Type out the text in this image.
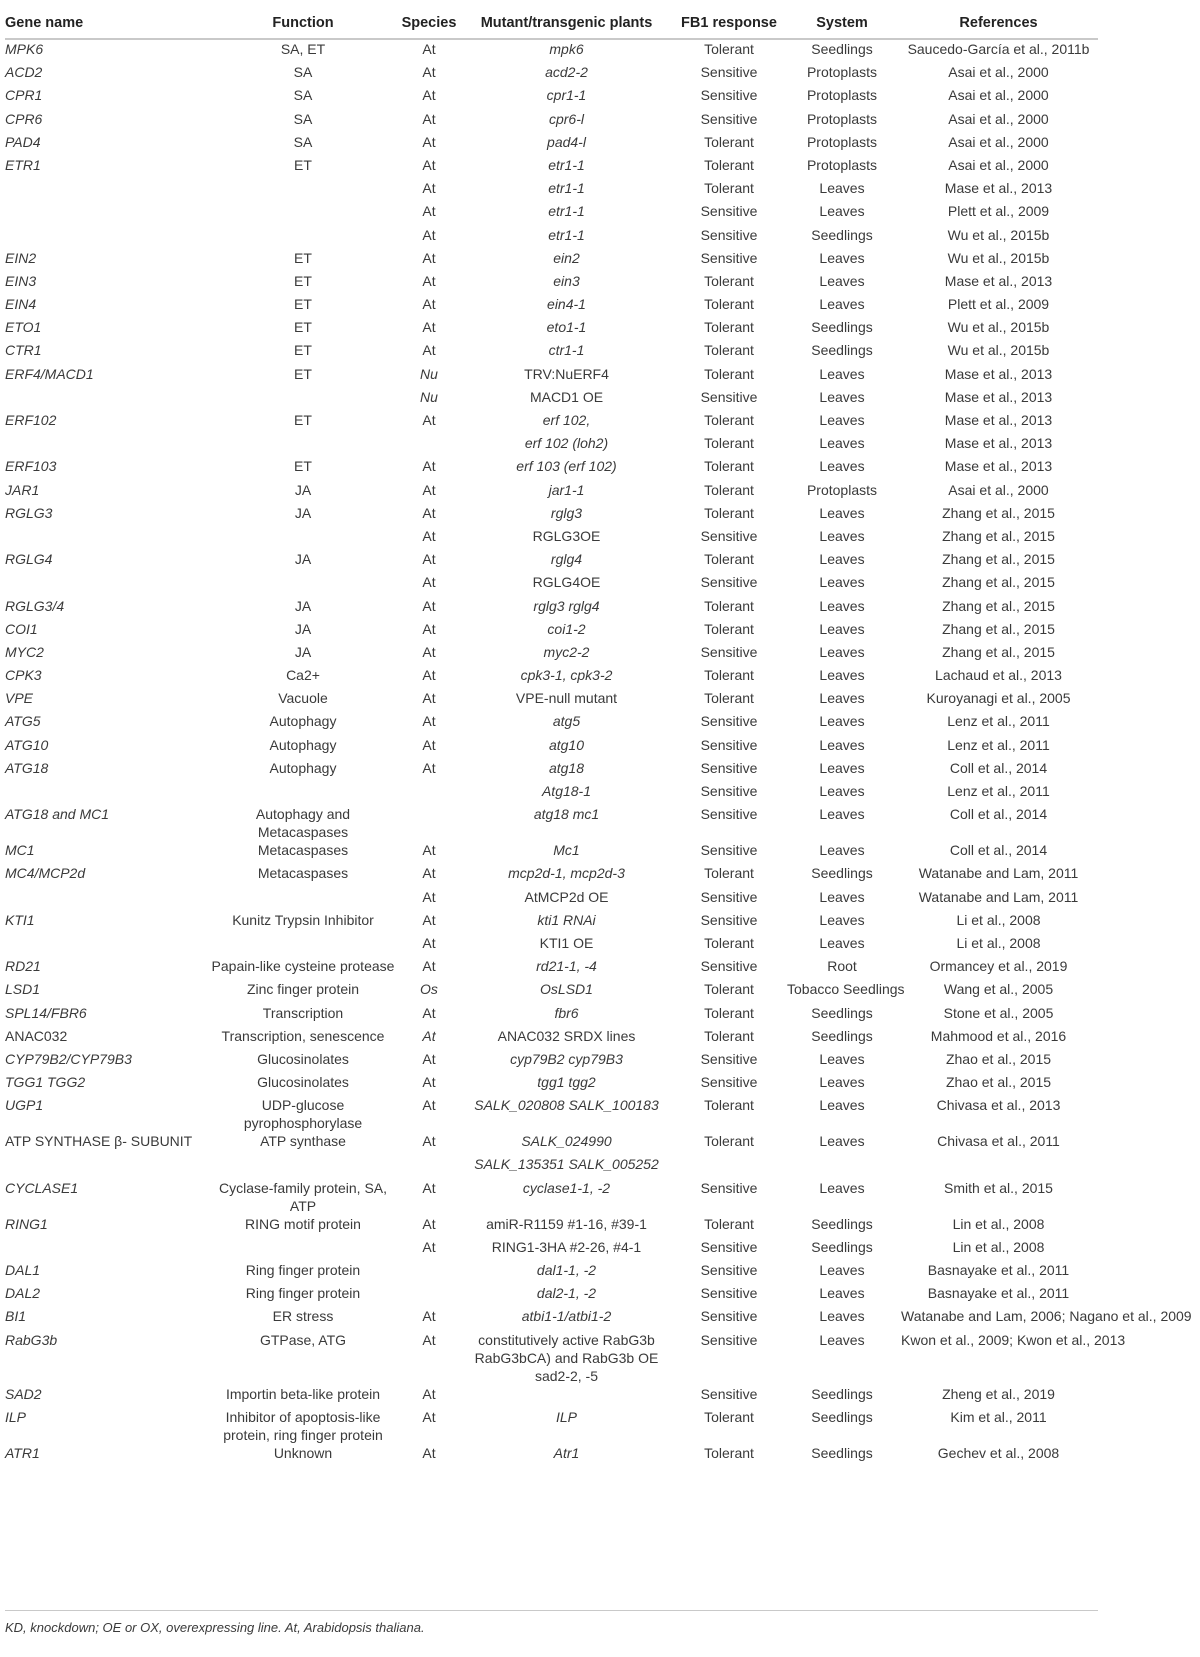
Gene name	Function	Species	Mutant/transgenic plants	FB1 response	System	References
MPK6	SA, ET	At	mpk6	Tolerant	Seedlings	Saucedo-García et al., 2011b
ACD2	SA	At	acd2-2	Sensitive	Protoplasts	Asai et al., 2000
CPR1	SA	At	cpr1-1	Sensitive	Protoplasts	Asai et al., 2000
CPR6	SA	At	cpr6-l	Sensitive	Protoplasts	Asai et al., 2000
PAD4	SA	At	pad4-l	Tolerant	Protoplasts	Asai et al., 2000
ETR1	ET	At	etr1-1	Tolerant	Protoplasts	Asai et al., 2000
		At	etr1-1	Tolerant	Leaves	Mase et al., 2013
		At	etr1-1	Sensitive	Leaves	Plett et al., 2009
		At	etr1-1	Sensitive	Seedlings	Wu et al., 2015b
EIN2	ET	At	ein2	Sensitive	Leaves	Wu et al., 2015b
EIN3	ET	At	ein3	Tolerant	Leaves	Mase et al., 2013
EIN4	ET	At	ein4-1	Tolerant	Leaves	Plett et al., 2009
ETO1	ET	At	eto1-1	Tolerant	Seedlings	Wu et al., 2015b
CTR1	ET	At	ctr1-1	Tolerant	Seedlings	Wu et al., 2015b
ERF4/MACD1	ET	Nu	TRV:NuERF4	Tolerant	Leaves	Mase et al., 2013
		Nu	MACD1 OE	Sensitive	Leaves	Mase et al., 2013
ERF102	ET	At	erf 102,	Tolerant	Leaves	Mase et al., 2013
			erf 102 (loh2)	Tolerant	Leaves	Mase et al., 2013
ERF103	ET	At	erf 103 (erf 102)	Tolerant	Leaves	Mase et al., 2013
JAR1	JA	At	jar1-1	Tolerant	Protoplasts	Asai et al., 2000
RGLG3	JA	At	rglg3	Tolerant	Leaves	Zhang et al., 2015
		At	RGLG3OE	Sensitive	Leaves	Zhang et al., 2015
RGLG4	JA	At	rglg4	Tolerant	Leaves	Zhang et al., 2015
		At	RGLG4OE	Sensitive	Leaves	Zhang et al., 2015
RGLG3/4	JA	At	rglg3 rglg4	Tolerant	Leaves	Zhang et al., 2015
COI1	JA	At	coi1-2	Tolerant	Leaves	Zhang et al., 2015
MYC2	JA	At	myc2-2	Sensitive	Leaves	Zhang et al., 2015
CPK3	Ca2+	At	cpk3-1, cpk3-2	Tolerant	Leaves	Lachaud et al., 2013
VPE	Vacuole	At	VPE-null mutant	Tolerant	Leaves	Kuroyanagi et al., 2005
ATG5	Autophagy	At	atg5	Sensitive	Leaves	Lenz et al., 2011
ATG10	Autophagy	At	atg10	Sensitive	Leaves	Lenz et al., 2011
ATG18	Autophagy	At	atg18	Sensitive	Leaves	Coll et al., 2014
			Atg18-1	Sensitive	Leaves	Lenz et al., 2011
ATG18 and MC1	Autophagy and Metacaspases		atg18 mc1	Sensitive	Leaves	Coll et al., 2014
MC1	Metacaspases	At	Mc1	Sensitive	Leaves	Coll et al., 2014
MC4/MCP2d	Metacaspases	At	mcp2d-1, mcp2d-3	Tolerant	Seedlings	Watanabe and Lam, 2011
		At	AtMCP2d OE	Sensitive	Leaves	Watanabe and Lam, 2011
KTI1	Kunitz Trypsin Inhibitor	At	kti1 RNAi	Sensitive	Leaves	Li et al., 2008
		At	KTI1 OE	Tolerant	Leaves	Li et al., 2008
RD21	Papain-like cysteine protease	At	rd21-1, -4	Sensitive	Root	Ormancey et al., 2019
LSD1	Zinc finger protein	Os	OsLSD1	Tolerant	Tobacco Seedlings	Wang et al., 2005
SPL14/FBR6	Transcription	At	fbr6	Tolerant	Seedlings	Stone et al., 2005
ANAC032	Transcription, senescence	At	ANAC032 SRDX lines	Tolerant	Seedlings	Mahmood et al., 2016
CYP79B2/CYP79B3	Glucosinolates	At	cyp79B2 cyp79B3	Sensitive	Leaves	Zhao et al., 2015
TGG1 TGG2	Glucosinolates	At	tgg1 tgg2	Sensitive	Leaves	Zhao et al., 2015
UGP1	UDP-glucose pyrophosphorylase	At	SALK_020808 SALK_100183	Tolerant	Leaves	Chivasa et al., 2013
ATP SYNTHASE β- SUBUNIT	ATP synthase	At	SALK_024990	Tolerant	Leaves	Chivasa et al., 2011
			SALK_135351 SALK_005252			
CYCLASE1	Cyclase-family protein, SA, ATP	At	cyclase1-1, -2	Sensitive	Leaves	Smith et al., 2015
RING1	RING motif protein	At	amiR-R1159 #1-16, #39-1	Tolerant	Seedlings	Lin et al., 2008
		At	RING1-3HA #2-26, #4-1	Sensitive	Seedlings	Lin et al., 2008
DAL1	Ring finger protein		dal1-1, -2	Sensitive	Leaves	Basnayake et al., 2011
DAL2	Ring finger protein		dal2-1, -2	Sensitive	Leaves	Basnayake et al., 2011
BI1	ER stress	At	atbi1-1/atbi1-2	Sensitive	Leaves	Watanabe and Lam, 2006; Nagano et al., 2009
RabG3b	GTPase, ATG	At	constitutively active RabG3b RabG3bCA) and RabG3b OE sad2-2, -5	Sensitive	Leaves	Kwon et al., 2009; Kwon et al., 2013
SAD2	Importin beta-like protein	At		Sensitive	Seedlings	Zheng et al., 2019
ILP	Inhibitor of apoptosis-like protein, ring finger protein	At	ILP	Tolerant	Seedlings	Kim et al., 2011
ATR1	Unknown	At	Atr1	Tolerant	Seedlings	Gechev et al., 2008
KD, knockdown; OE or OX, overexpressing line. At, Arabidopsis thaliana.
